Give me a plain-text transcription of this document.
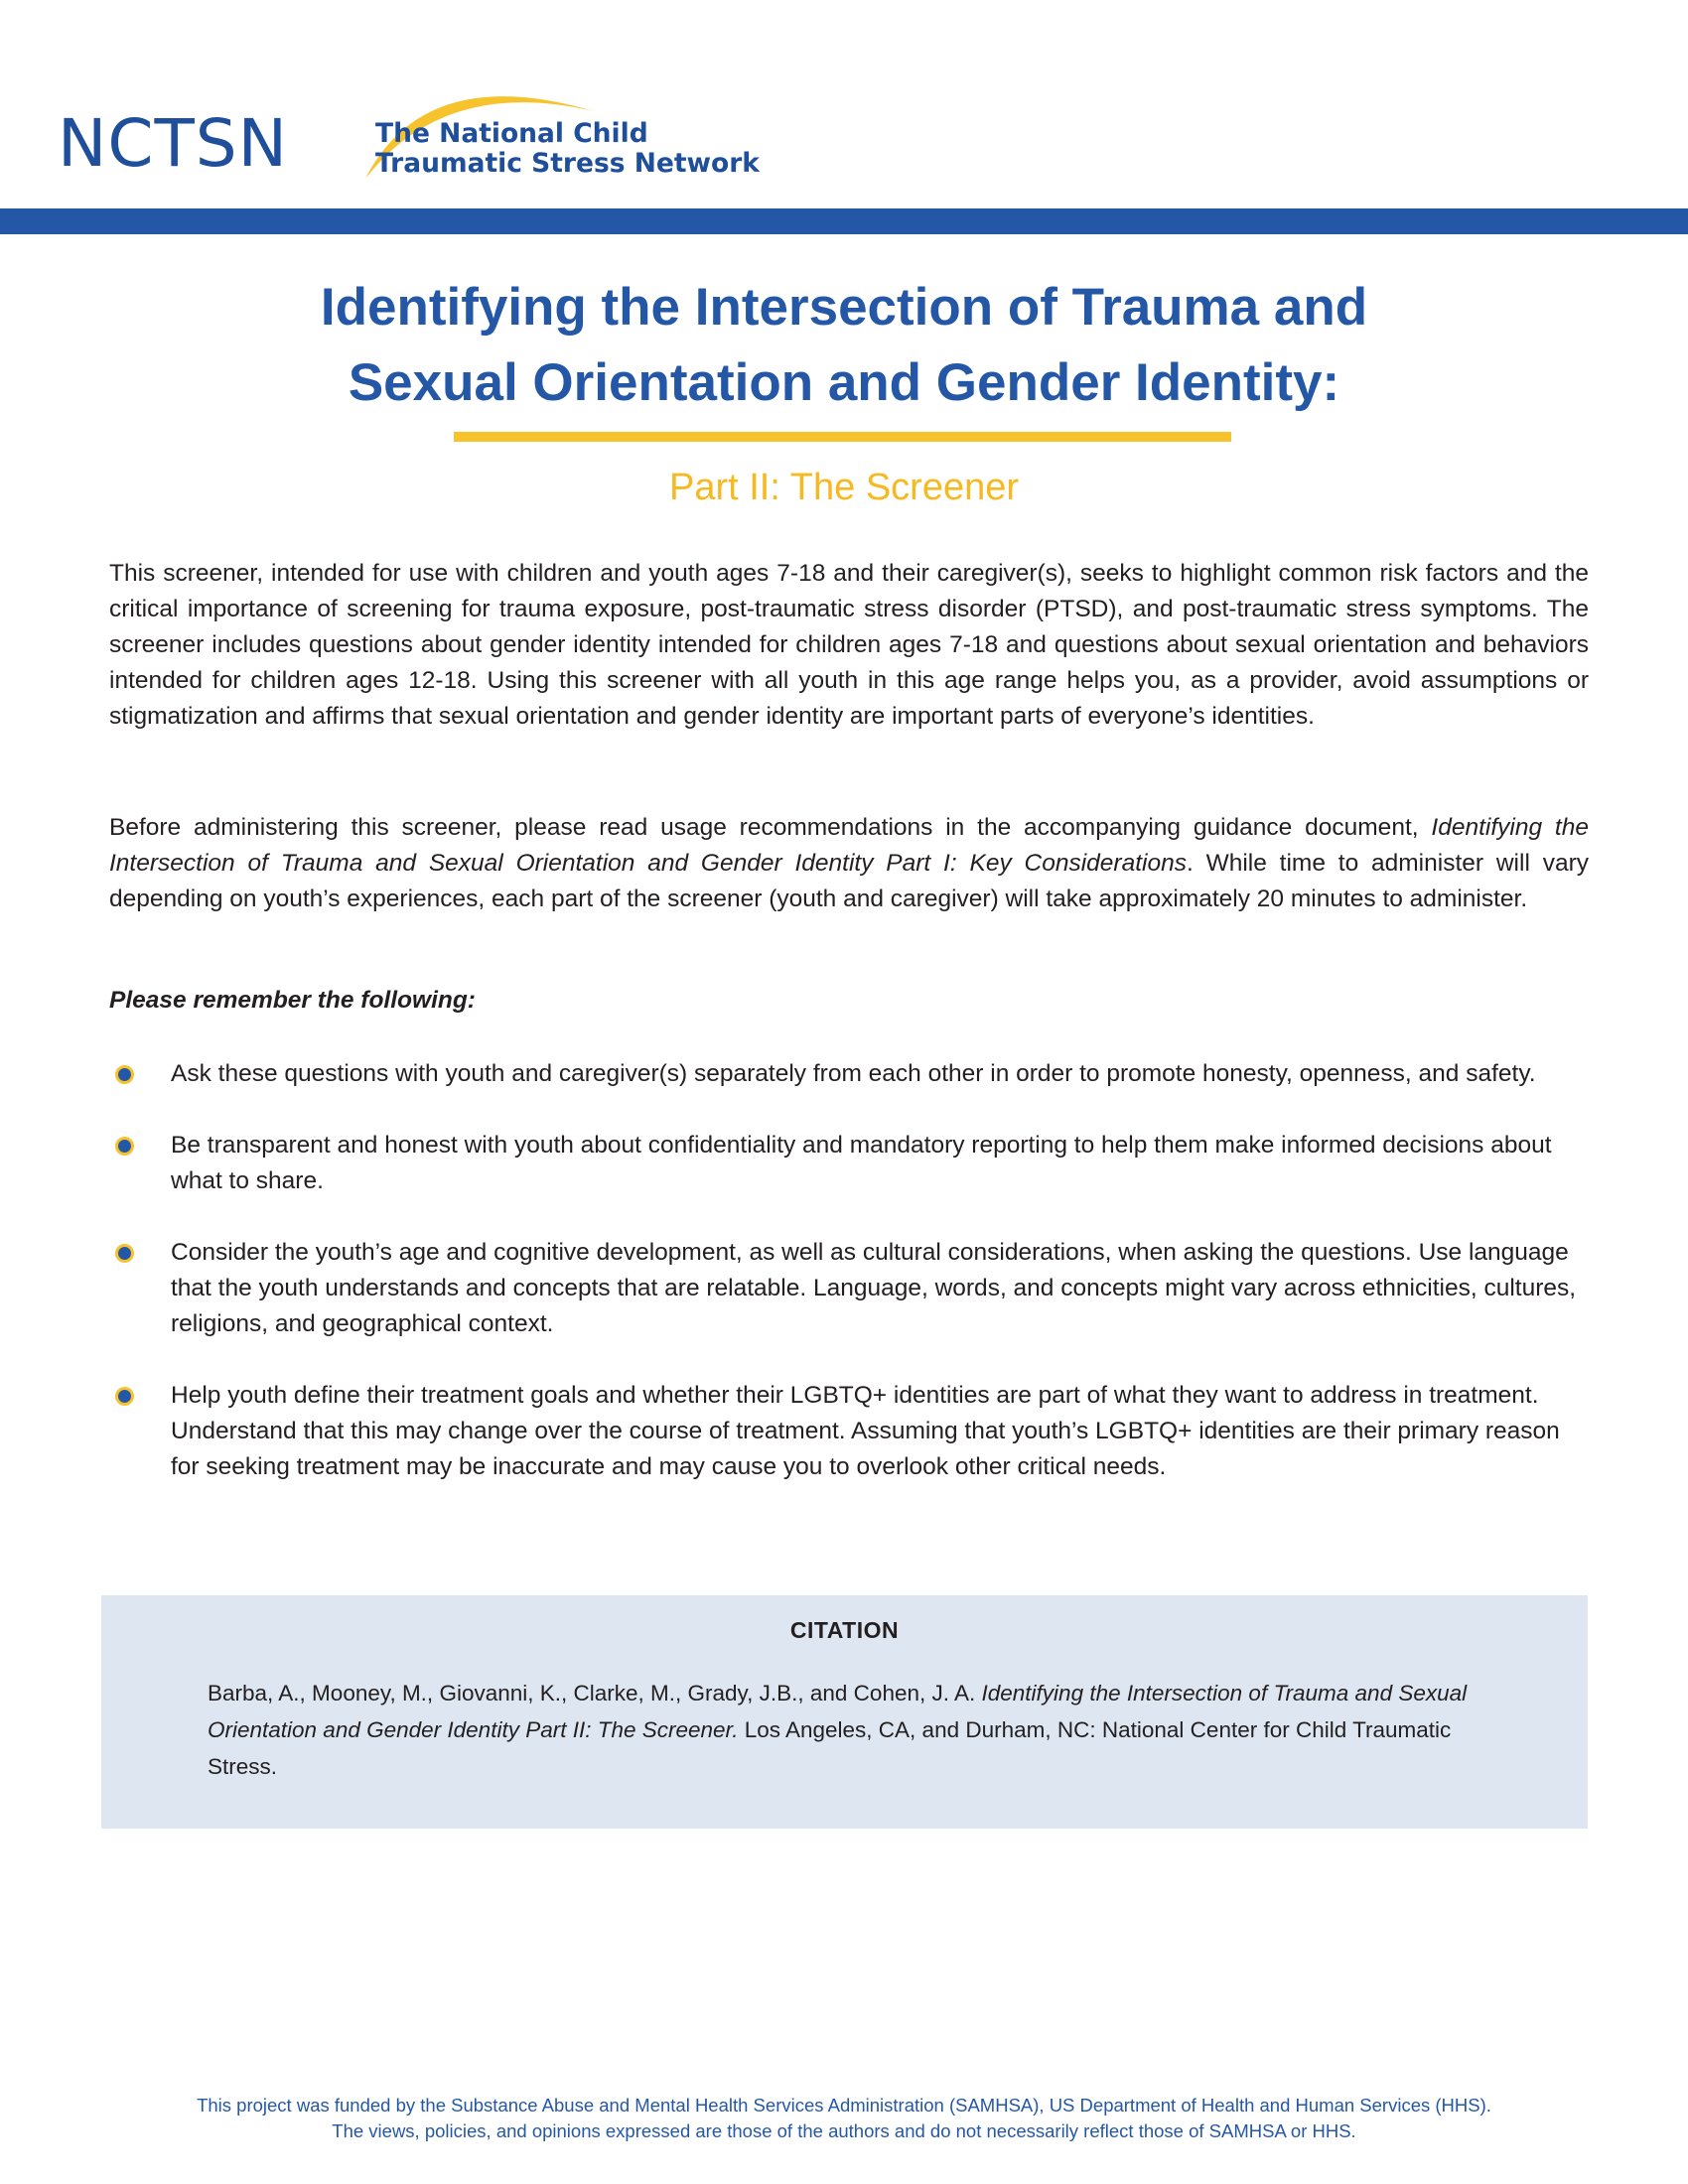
NCTSN	The National Child
Traumatic Stress Network
Identifying the Intersection of Trauma and
Sexual Orientation and Gender Identity:
Part II: The Screener

This screener, intended for use with children and youth ages 7-18 and their caregiver(s), seeks to highlight common risk factors and the critical importance of screening for trauma exposure, post-traumatic stress disorder (PTSD), and post-traumatic stress symptoms. The screener includes questions about gender identity intended for children ages 7-18 and questions about sexual orientation and behaviors intended for children ages 12-18. Using this screener with all youth in this age range helps you, as a provider, avoid assumptions or stigmatization and affirms that sexual orientation and gender identity are important parts of everyone’s identities.

Before administering this screener, please read usage recommendations in the accompanying guidance document, Identifying the Intersection of Trauma and Sexual Orientation and Gender Identity Part I: Key Considerations. While time to administer will vary depending on youth’s experiences, each part of the screener (youth and caregiver) will take approximately 20 minutes to administer.

Please remember the following:
Ask these questions with youth and caregiver(s) separately from each other in order to promote honesty, openness, and safety.
Be transparent and honest with youth about confidentiality and mandatory reporting to help them make informed decisions about what to share.
Consider the youth’s age and cognitive development, as well as cultural considerations, when asking the questions. Use language that the youth understands and concepts that are relatable. Language, words, and concepts might vary across ethnicities, cultures, religions, and geographical context.
Help youth define their treatment goals and whether their LGBTQ+ identities are part of what they want to address in treatment. Understand that this may change over the course of treatment. Assuming that youth’s LGBTQ+ identities are their primary reason for seeking treatment may be inaccurate and may cause you to overlook other critical needs.
CITATION

Barba, A., Mooney, M., Giovanni, K., Clarke, M., Grady, J.B., and Cohen, J. A. Identifying the Intersection of Trauma and Sexual Orientation and Gender Identity Part II: The Screener. Los Angeles, CA, and Durham, NC: National Center for Child Traumatic Stress.

This project was funded by the Substance Abuse and Mental Health Services Administration (SAMHSA), US Department of Health and Human Services (HHS).
The views, policies, and opinions expressed are those of the authors and do not necessarily reflect those of SAMHSA or HHS.
